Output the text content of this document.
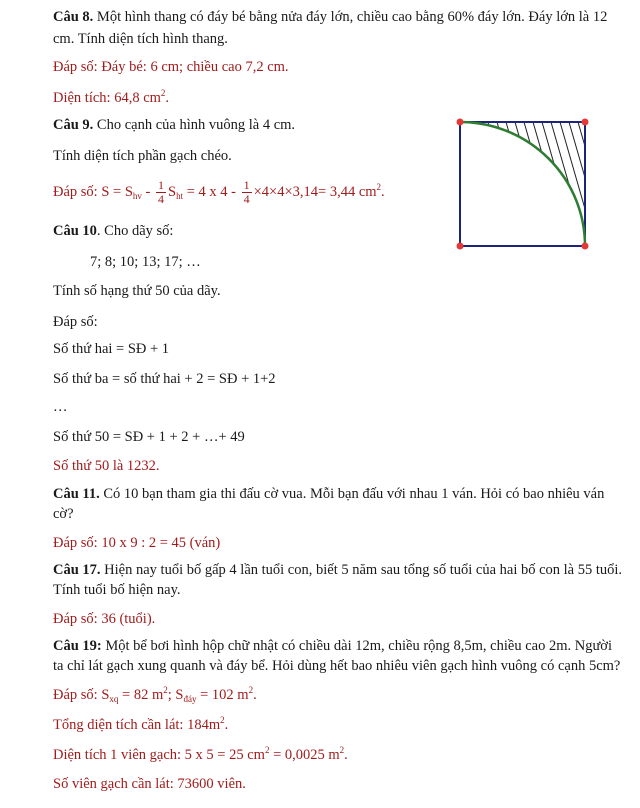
Câu 8. Một hình thang có đáy bé bằng nửa đáy lớn, chiều cao bằng 60% đáy lớn. Đáy lớn là 12
cm. Tính diện tích hình thang.
Đáp số: Đáy bé: 6 cm; chiều cao 7,2 cm.
Diện tích: 64,8 $cm^2$.
Câu 9. Cho cạnh của hình vuông là 4 cm.
Tính diện tích phần gạch chéo.
Đáp số: $S = S_{hv} - \frac{1}{4} S_{ht} = 4$ x $4 - \frac{1}{4} \times 4\times 4\times 3,14= 3,44$ $cm^2$.
Câu 10. Cho dãy số:
7; 8; 10; 13; 17; …
Tính số hạng thứ 50 của dãy.
Đáp số:
Số thứ hai = SĐ + 1
Số thứ ba = số thứ hai + 2 = SĐ + 1+2
…
Số thứ 50 = SĐ + 1 + 2 + …+ 49
Số thứ 50 là 1232.
Câu 11. Có 10 bạn tham gia thi đấu cờ vua. Mỗi bạn đấu với nhau 1 ván. Hỏi có bao nhiêu ván
cờ?
Đáp số: 10 x 9 : 2 = 45 (ván)
Câu 17. Hiện nay tuổi bố gấp 4 lần tuổi con, biết 5 năm sau tổng số tuổi của hai bố con là 55 tuổi.
Tính tuổi bố hiện nay.
Đáp số: 36 (tuổi).
Câu 19: Một bể bơi hình hộp chữ nhật có chiều dài 12m, chiều rộng 8,5m, chiều cao 2m. Người
ta chỉ lát gạch xung quanh và đáy bể. Hỏi dùng hết bao nhiêu viên gạch hình vuông có cạnh 5cm?
Đáp số: $S_{xq} = 82$ $m^2$; $S_{đáy} = 102$ $m^2$.
Tổng diện tích cần lát: $184m^2$.
Diện tích 1 viên gạch: 5 x 5 = 25 $cm^2 = 0,0025$ $m^2$.
Số viên gạch cần lát: 73600 viên.
